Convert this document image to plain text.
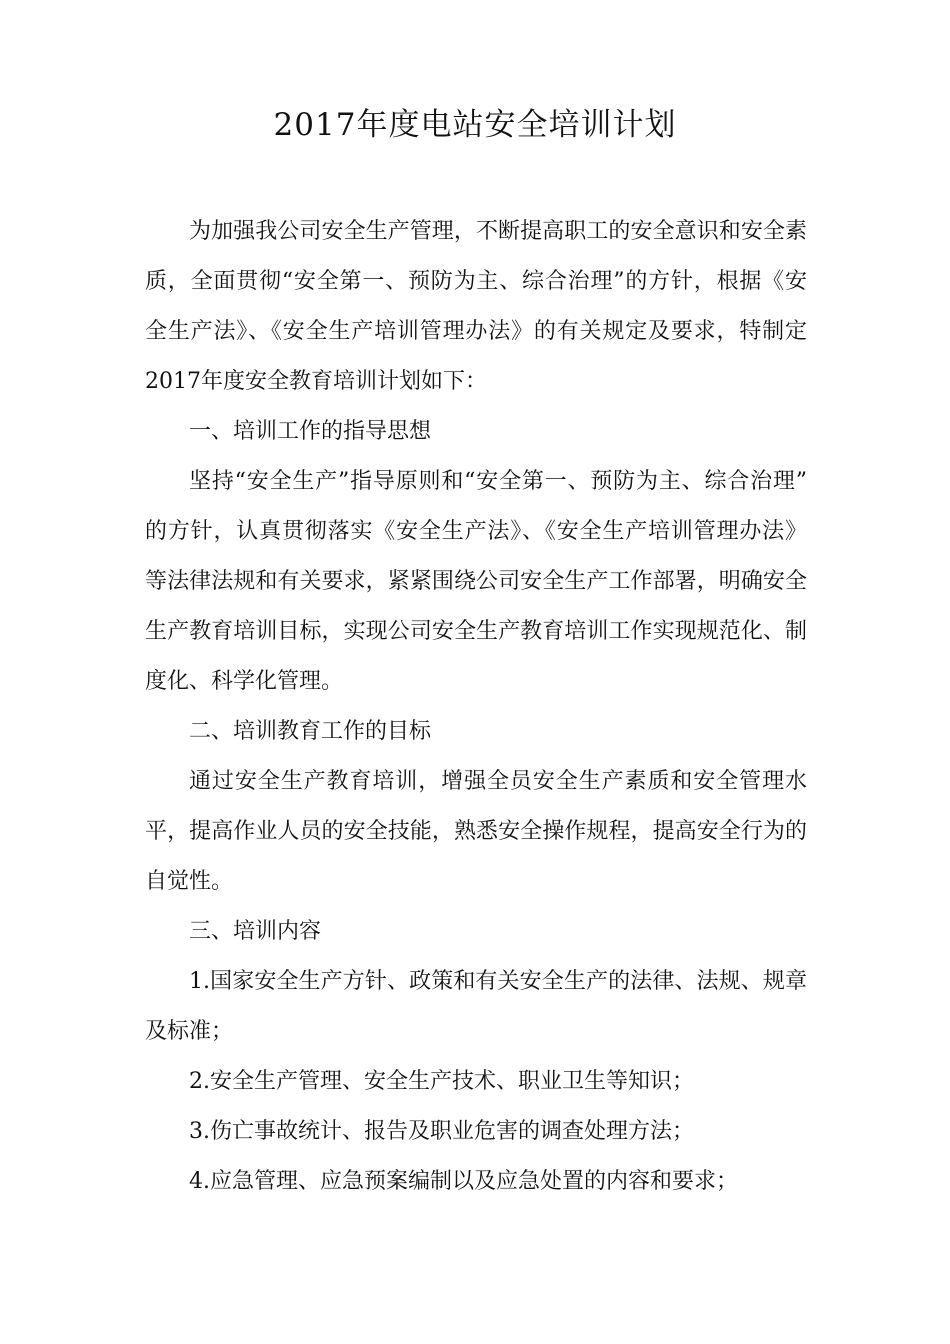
2017年度电站安全培训计划
为加强我公司安全生产管理，不断提高职工的安全意识和安全素
质，全面贯彻“安全第一、预防为主、综合治理”的方针，根据《安
全生产法》、《安全生产培训管理办法》的有关规定及要求，特制定
2017年度安全教育培训计划如下：
一、培训工作的指导思想
坚持“安全生产”指导原则和“安全第一、预防为主、综合治理”
的方针，认真贯彻落实《安全生产法》、《安全生产培训管理办法》
等法律法规和有关要求，紧紧围绕公司安全生产工作部署，明确安全
生产教育培训目标，实现公司安全生产教育培训工作实现规范化、制
度化、科学化管理。
二、培训教育工作的目标
通过安全生产教育培训，增强全员安全生产素质和安全管理水
平，提高作业人员的安全技能，熟悉安全操作规程，提高安全行为的
自觉性。
三、培训内容
1.国家安全生产方针、政策和有关安全生产的法律、法规、规章
及标准；
2.安全生产管理、安全生产技术、职业卫生等知识；
3.伤亡事故统计、报告及职业危害的调查处理方法；
4.应急管理、应急预案编制以及应急处置的内容和要求；
